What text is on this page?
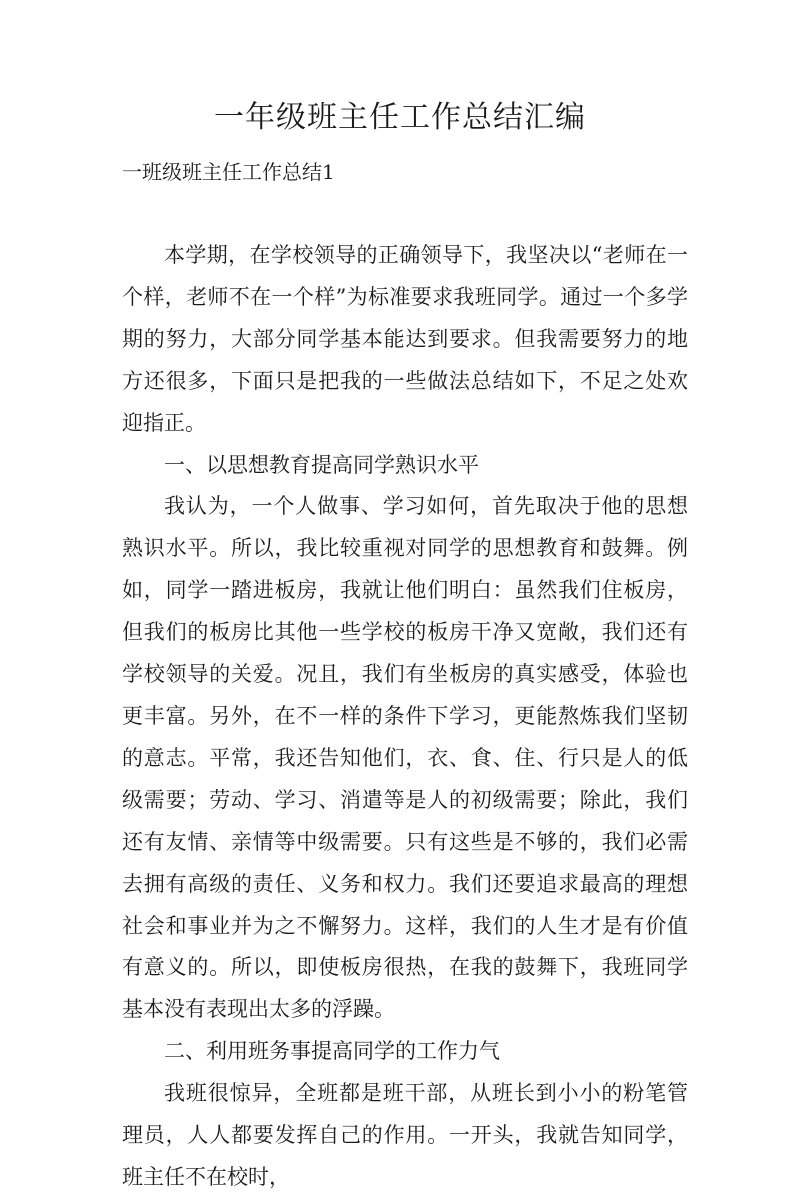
一年级班主任工作总结汇编
一班级班主任工作总结1

本学期，在学校领导的正确领导下，我坚决以“老师在一个样，老师不在一个样”为标准要求我班同学。通过一个多学期的努力，大部分同学基本能达到要求。但我需要努力的地方还很多，下面只是把我的一些做法总结如下，不足之处欢迎指正。

一、以思想教育提高同学熟识水平

我认为，一个人做事、学习如何，首先取决于他的思想熟识水平。所以，我比较重视对同学的思想教育和鼓舞。例如，同学一踏进板房，我就让他们明白：虽然我们住板房，但我们的板房比其他一些学校的板房干净又宽敞，我们还有学校领导的关爱。况且，我们有坐板房的真实感受，体验也更丰富。另外，在不一样的条件下学习，更能熬炼我们坚韧的意志。平常，我还告知他们，衣、食、住、行只是人的低级需要；劳动、学习、消遣等是人的初级需要；除此，我们还有友情、亲情等中级需要。只有这些是不够的，我们必需去拥有高级的责任、义务和权力。我们还要追求最高的理想社会和事业并为之不懈努力。这样，我们的人生才是有价值有意义的。所以，即使板房很热，在我的鼓舞下，我班同学基本没有表现出太多的浮躁。

二、利用班务事提高同学的工作力气

我班很惊异，全班都是班干部，从班长到小小的粉笔管理员，人人都要发挥自己的作用。一开头，我就告知同学，班主任不在校时，
